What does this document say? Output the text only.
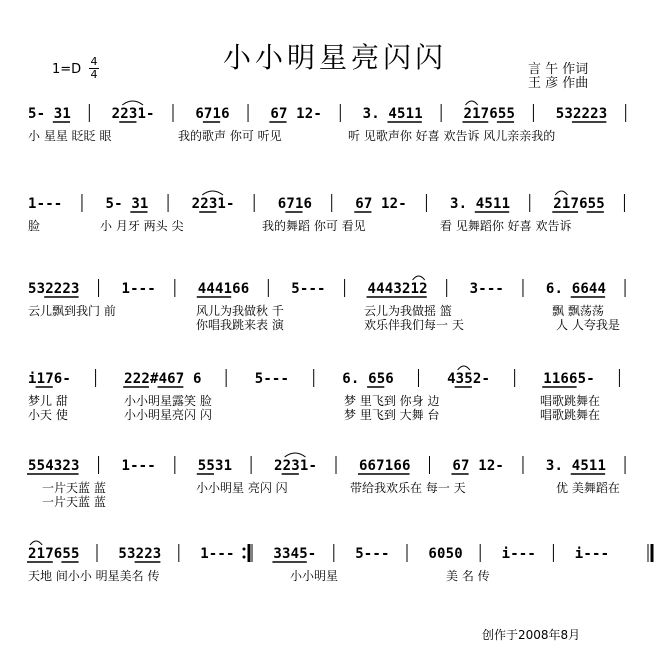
小小明星亮闪闪
1=D
4
4	言 午 作词
王 彦 作曲
5 - 3 1	2 2 3 1 -	6 7 1 6	6 7 1 2 -	3 . 4 5 1 1	2 1 7 6 5 5	5 3 2 2 2 3
小 星星 眨眨 眼	我的歌声 你可 听见	听 见歌声你 好喜 欢告诉 风儿亲亲我的
1 - - -	5 - 3 1	2 2 3 1 -	6 7 1 6	6 7 1 2 -	3 . 4 5 1 1	2 1 7 6 5 5
脸	小 月牙 两头 尖	我的舞蹈 你可 看见	看 见舞蹈你 好喜 欢告诉
5 3 2 2 2 3	1 - - -	4 4 4 1 6 6	5 - - -	4 4 4 3 2 1 2	3 - - -	6 . 6 6 4 4
云儿飘到我门 前	风儿为我做秋 千	云儿为我做摇 篮	飘 飘荡荡
你唱我跳来表 演	欢乐伴我们每一 天	人 人夸我是
i 1 7 6 -	2 2 2 # 4 6 7 6	5 - - -	6 . 6 5 6	4 3 5 2 -	1 1 6 6 5 -
梦儿 甜	小小明星露笑 脸	梦 里飞到 你身 边	唱歌跳舞在
小天 使	小小明星亮闪 闪	梦 里飞到 大舞 台	唱歌跳舞在
5 5 4 3 2 3	1 - - -	5 5 3 1	2 2 3 1 -	6 6 7 1 6 6	6 7 1 2 -	3 . 4 5 1 1
一片天蓝 蓝	小小明星 亮闪 闪	带给我欢乐在 每一 天	优 美舞蹈在
一片天蓝 蓝
2 1 7 6 5 5	5 3 2 2 3	1 - - -	3 3 4 5 -	5 - - -	6 0 5 0	i - - -	i - - -
天地 间小小 明星美名 传	小小明星	美 名 传
创作于2008年8月
